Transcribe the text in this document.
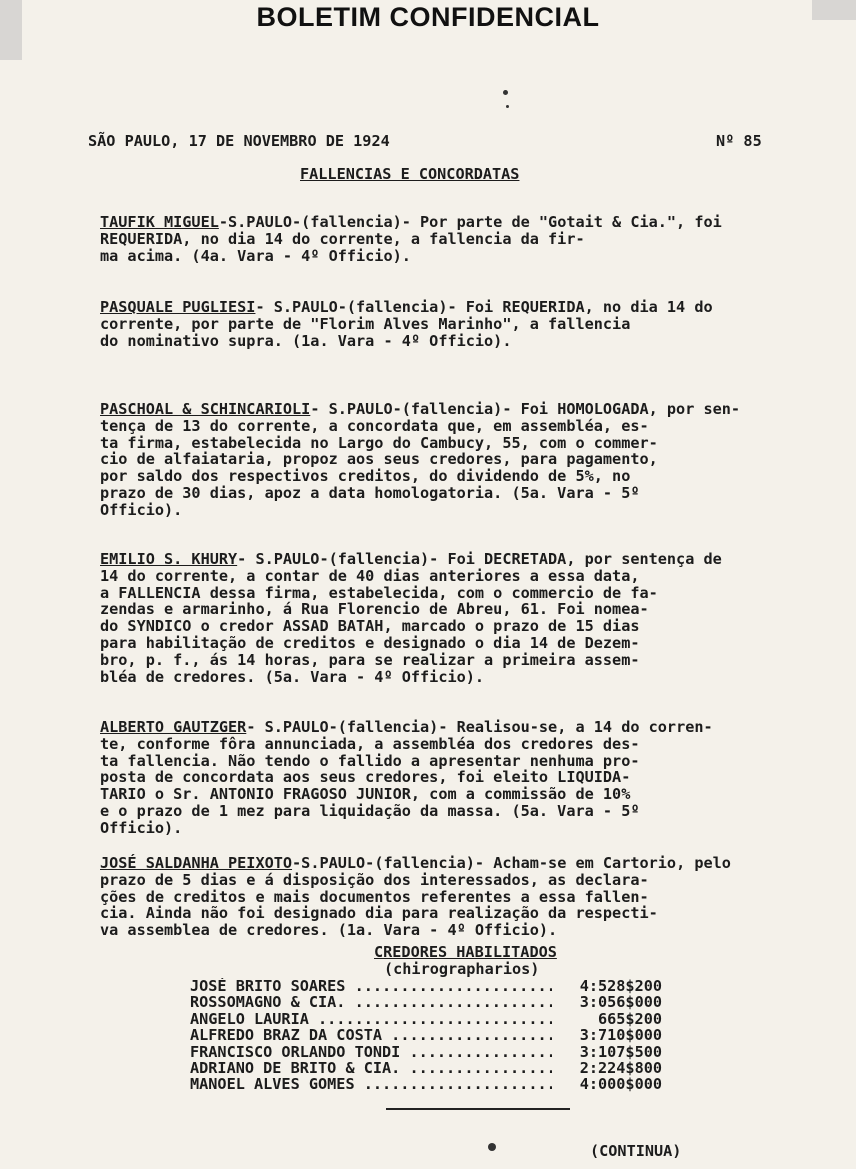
BOLETIM CONFIDENCIAL
SÃO PAULO, 17 DE NOVEMBRO DE 1924	Nº 85
FALLENCIAS E CONCORDATAS
TAUFIK MIGUEL-S.PAULO-(fallencia)- Por parte de "Gotait & Cia.", foi
REQUERIDA, no dia 14 do corrente, a fallencia da fir-
ma acima. (4a. Vara - 4º Officio).
PASQUALE PUGLIESI- S.PAULO-(fallencia)- Foi REQUERIDA, no dia 14 do
corrente, por parte de "Florim Alves Marinho", a fallencia
do nominativo supra. (1a. Vara - 4º Officio).
PASCHOAL & SCHINCARIOLI- S.PAULO-(fallencia)- Foi HOMOLOGADA, por sen-
tença de 13 do corrente, a concordata que, em assembléa, es-
ta firma, estabelecida no Largo do Cambucy, 55, com o commer-
cio de alfaiataria, propoz aos seus credores, para pagamento,
por saldo dos respectivos creditos, do dividendo de 5%, no
prazo de 30 dias, apoz a data homologatoria. (5a. Vara - 5º
Officio).
EMILIO S. KHURY- S.PAULO-(fallencia)- Foi DECRETADA, por sentença de
14 do corrente, a contar de 40 dias anteriores a essa data,
a FALLENCIA dessa firma, estabelecida, com o commercio de fa-
zendas e armarinho, á Rua Florencio de Abreu, 61. Foi nomea-
do SYNDICO o credor ASSAD BATAH, marcado o prazo de 15 dias
para habilitação de creditos e designado o dia 14 de Dezem-
bro, p. f., ás 14 horas, para se realizar a primeira assem-
bléa de credores. (5a. Vara - 4º Officio).
ALBERTO GAUTZGER- S.PAULO-(fallencia)- Realisou-se, a 14 do corren-
te, conforme fôra annunciada, a assembléa dos credores des-
ta fallencia. Não tendo o fallido a apresentar nenhuma pro-
posta de concordata aos seus credores, foi eleito LIQUIDA-
TARIO o Sr. ANTONIO FRAGOSO JUNIOR, com a commissão de 10%
e o prazo de 1 mez para liquidação da massa. (5a. Vara - 5º
Officio).
JOSÉ SALDANHA PEIXOTO-S.PAULO-(fallencia)- Acham-se em Cartorio, pelo
prazo de 5 dias e á disposição dos interessados, as declara-
ções de creditos e mais documentos referentes a essa fallen-
cia. Ainda não foi designado dia para realização da respecti-
va assemblea de credores. (1a. Vara - 4º Officio).
CREDORES HABILITADOS
(chirographarios)
JOSÉ BRITO SOARES .....	4:528$200
ROSSOMAGNO & CIA. .....	3:056$000
ANGELO LAURIA .....	665$200
ALFREDO BRAZ DA COSTA .....	3:710$000
FRANCISCO ORLANDO TONDI .....	3:107$500
ADRIANO DE BRITO & CIA. .....	2:224$800
MANOEL ALVES GOMES .....	4:000$000
(CONTINUA)
